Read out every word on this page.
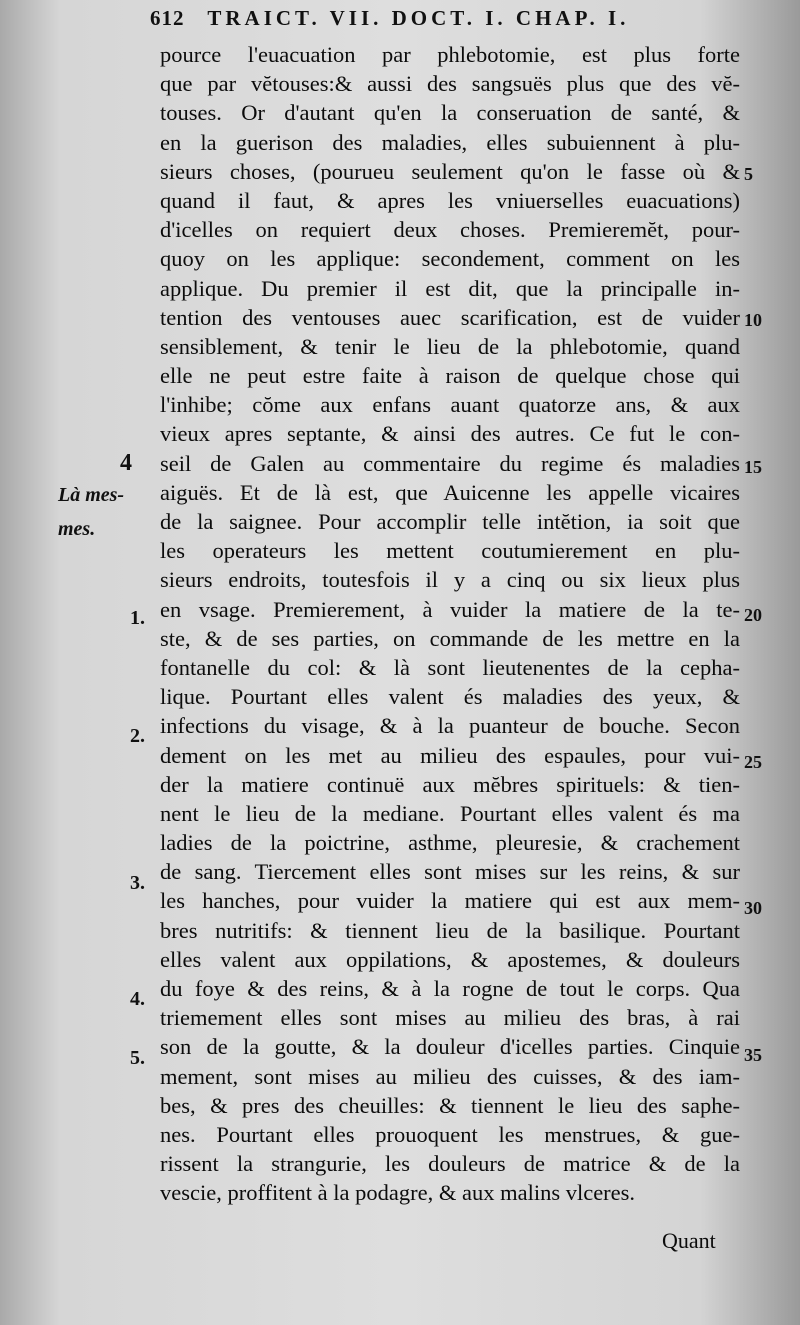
612 TRAICT. VII. DOCT. I. CHAP. I.
pource l'euacuation par phlebotomie, est plus forte
que par vĕtouses:& aussi des sangsuës plus que des vĕ-
touses. Or d'autant qu'en la conseruation de santé, &
en la guerison des maladies, elles subuiennent à plu-
sieurs choses, (pourueu seulement qu'on le fasse où &
quand il faut, & apres les vniuerselles euacuations)
d'icelles on requiert deux choses. Premieremĕt, pour-
quoy on les applique: secondement, comment on les
applique. Du premier il est dit, que la principalle in-
tention des ventouses auec scarification, est de vuider
sensiblement, & tenir le lieu de la phlebotomie, quand
elle ne peut estre faite à raison de quelque chose qui
l'inhibe; cŏme aux enfans auant quatorze ans, & aux
vieux apres septante, & ainsi des autres. Ce fut le con-
seil de Galen au commentaire du regime és maladies
aiguës. Et de là est, que Auicenne les appelle vicaires
de la saignee. Pour accomplir telle intĕtion, ia soit que
les operateurs les mettent coutumierement en plu-
sieurs endroits, toutesfois il y a cinq ou six lieux plus
en vsage. Premierement, à vuider la matiere de la te-
ste, & de ses parties, on commande de les mettre en la
fontanelle du col: & là sont lieutenentes de la cepha-
lique. Pourtant elles valent és maladies des yeux, &
infections du visage, & à la puanteur de bouche. Secon
dement on les met au milieu des espaules, pour vui-
der la matiere continuë aux mĕbres spirituels: & tien-
nent le lieu de la mediane. Pourtant elles valent és ma
ladies de la poictrine, asthme, pleuresie, & crachement
de sang. Tiercement elles sont mises sur les reins, & sur
les hanches, pour vuider la matiere qui est aux mem-
bres nutritifs: & tiennent lieu de la basilique. Pourtant
elles valent aux oppilations, & apostemes, & douleurs
du foye & des reins, & à la rogne de tout le corps. Qua
triemement elles sont mises au milieu des bras, à rai
son de la goutte, & la douleur d'icelles parties. Cinquie
mement, sont mises au milieu des cuisses, & des iam-
bes, & pres des cheuilles: & tiennent le lieu des saphe-
nes. Pourtant elles prouoquent les menstrues, & gue-
rissent la strangurie, les douleurs de matrice & de la
vescie, proffitent à la podagre, & aux malins vlceres.
Quant
4
Là mes-
mes.
1.
2.
3.
4.
5.
5
10
15
20
25
30
35
